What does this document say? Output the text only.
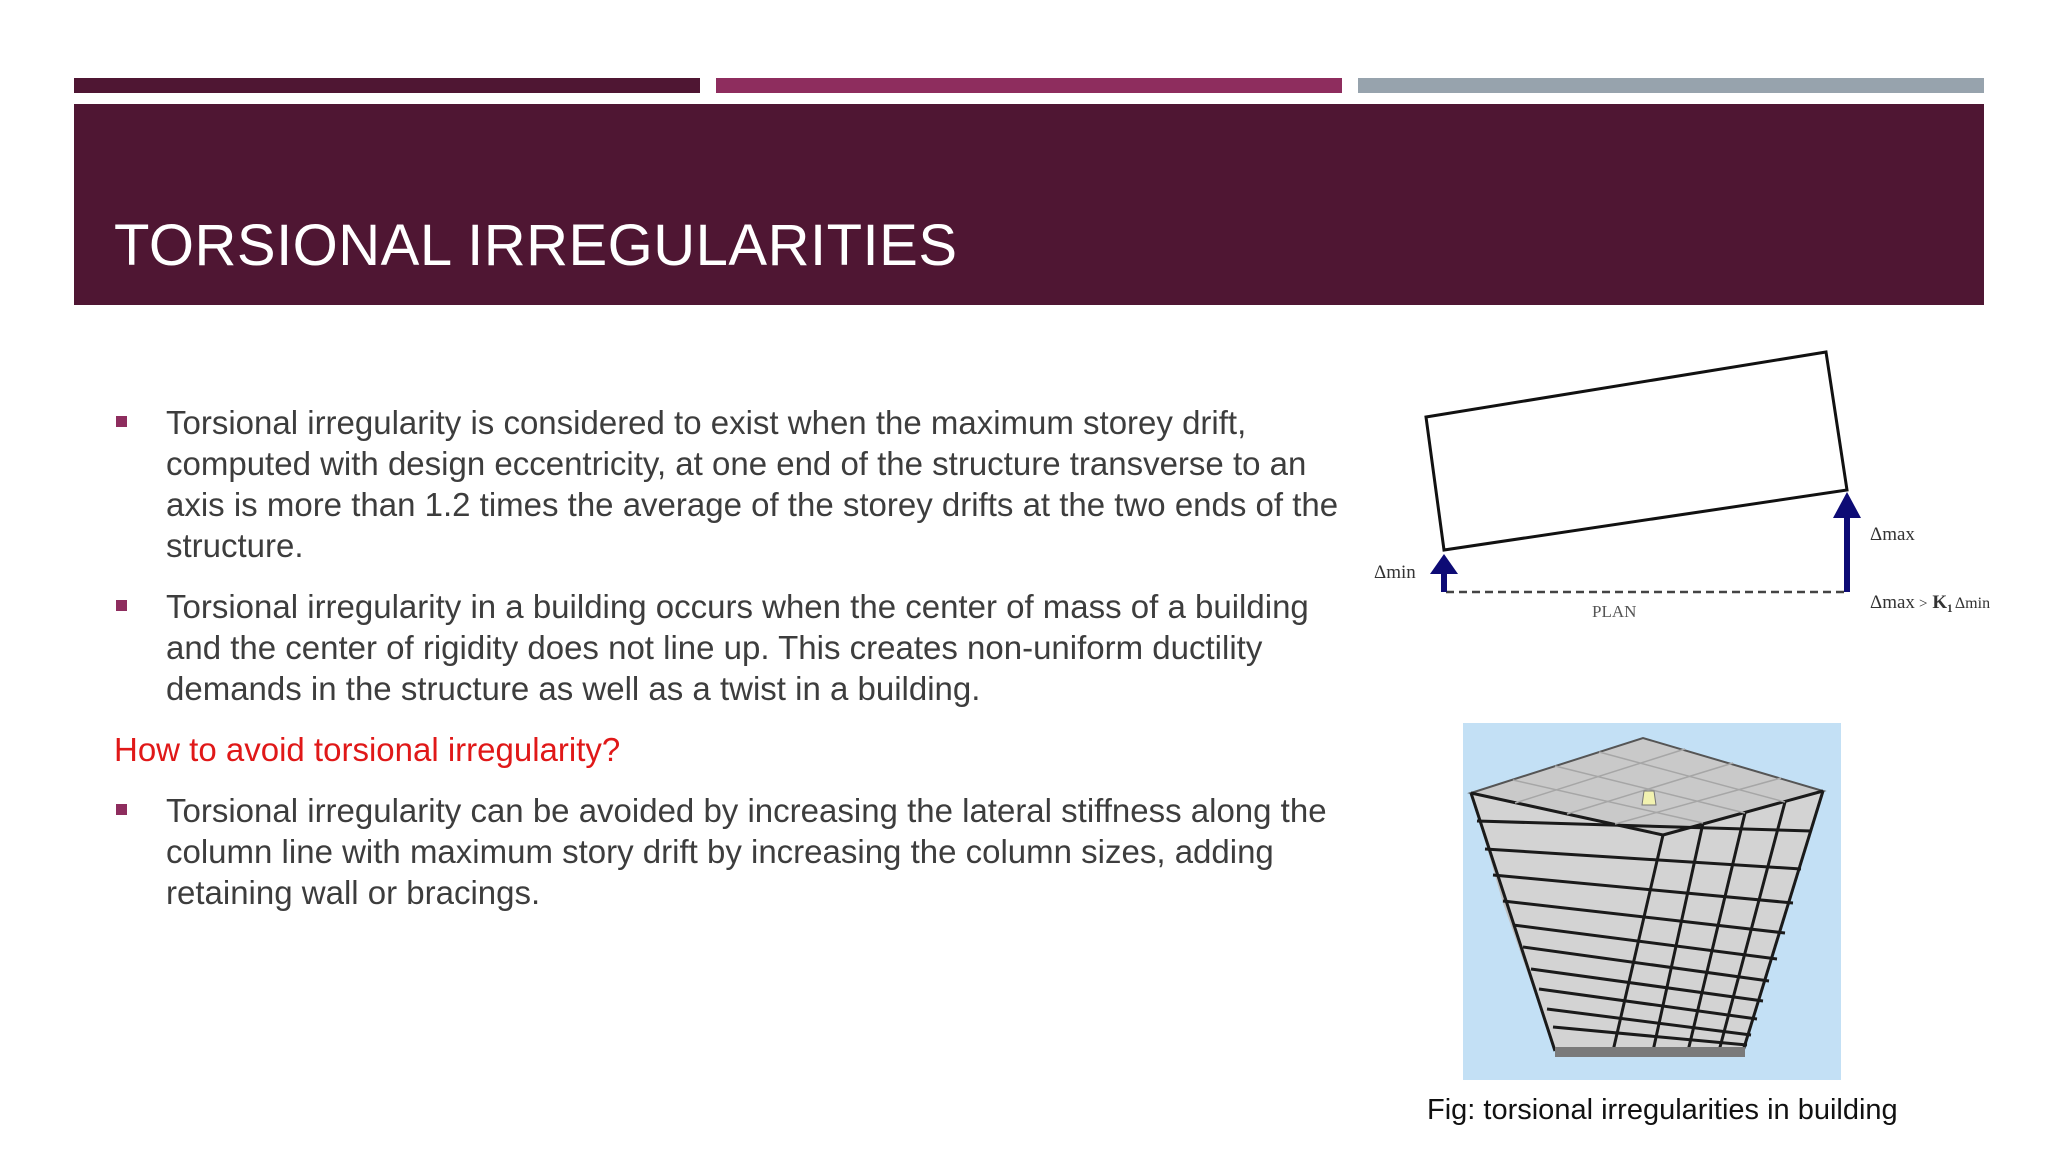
TORSIONAL IRREGULARITIES
Torsional irregularity is considered to exist when the maximum storey drift, computed with design eccentricity, at one end of the structure transverse to an axis is more than 1.2 times the average of the storey drifts at the two ends of the structure.
Torsional irregularity in a building occurs when the center of mass of a building and the center of rigidity does not line up. This creates non-uniform ductility demands in the structure as well as a twist in a building.
How to avoid torsional irregularity?
Torsional irregularity can be avoided by increasing the lateral stiffness along the column line with maximum story drift by increasing the column sizes, adding retaining wall or bracings.
Δmin
Δmax
PLAN	Δmax > K₁ Δmin
Fig: torsional irregularities in building
